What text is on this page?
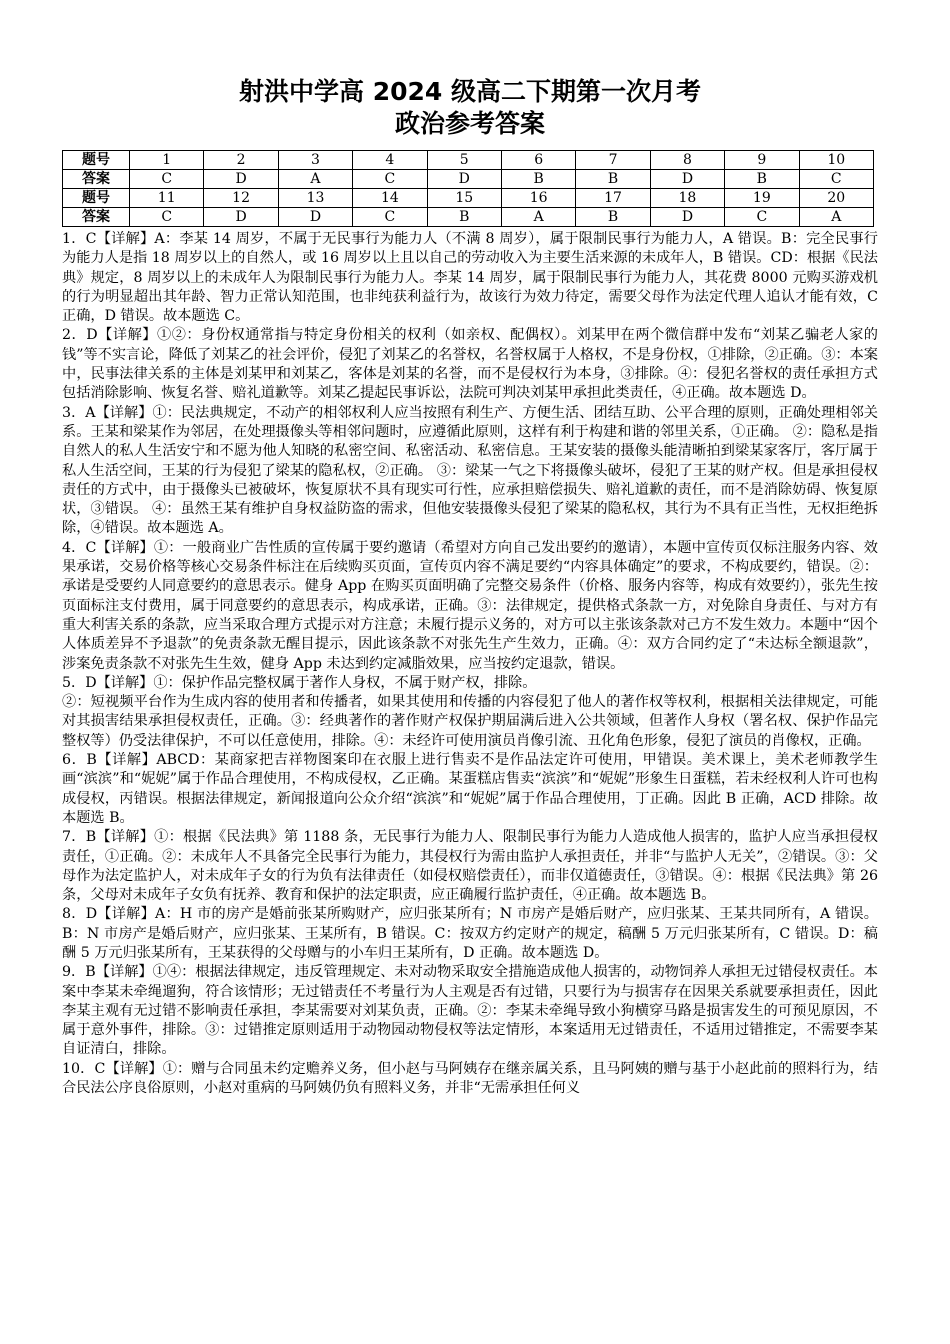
射洪中学高 2024 级高二下期第一次月考
政治参考答案
题号	1	2	3	4	5	6	7	8	9	10
答案	C	D	A	C	D	B	B	D	B	C
题号	11	12	13	14	15	16	17	18	19	20
答案	C	D	D	C	B	A	B	D	C	A

1．C【详解】A：李某 14 周岁，不属于无民事行为能力人（不满 8 周岁），属于限制民事行为能力人，A 错误。B：完全民事行为能力人是指 18 周岁以上的自然人，或 16 周岁以上且以自己的劳动收入为主要生活来源的未成年人，B 错误。CD：根据《民法典》规定，8 周岁以上的未成年人为限制民事行为能力人。李某 14 周岁，属于限制民事行为能力人，其花费 8000 元购买游戏机的行为明显超出其年龄、智力正常认知范围，也非纯获利益行为，故该行为效力待定，需要父母作为法定代理人追认才能有效，C 正确，D 错误。故本题选 C。

2．D【详解】①②：身份权通常指与特定身份相关的权利（如亲权、配偶权）。刘某甲在两个微信群中发布“刘某乙骗老人家的钱”等不实言论，降低了刘某乙的社会评价，侵犯了刘某乙的名誉权，名誉权属于人格权，不是身份权，①排除，②正确。③：本案中，民事法律关系的主体是刘某甲和刘某乙，客体是刘某的名誉，而不是侵权行为本身，③排除。④：侵犯名誉权的责任承担方式包括消除影响、恢复名誉、赔礼道歉等。刘某乙提起民事诉讼，法院可判决刘某甲承担此类责任，④正确。故本题选 D。

3．A【详解】①：民法典规定，不动产的相邻权利人应当按照有利生产、方便生活、团结互助、公平合理的原则，正确处理相邻关系。王某和梁某作为邻居，在处理摄像头等相邻问题时，应遵循此原则，这样有利于构建和谐的邻里关系，①正确。 ②：隐私是指自然人的私人生活安宁和不愿为他人知晓的私密空间、私密活动、私密信息。王某安装的摄像头能清晰拍到梁某家客厅，客厅属于私人生活空间，王某的行为侵犯了梁某的隐私权，②正确。 ③：梁某一气之下将摄像头破坏，侵犯了王某的财产权。但是承担侵权责任的方式中，由于摄像头已被破坏，恢复原状不具有现实可行性，应承担赔偿损失、赔礼道歉的责任，而不是消除妨碍、恢复原状，③错误。 ④：虽然王某有维护自身权益防盗的需求，但他安装摄像头侵犯了梁某的隐私权，其行为不具有正当性，无权拒绝拆除，④错误。故本题选 A。

4．C【详解】①：一般商业广告性质的宣传属于要约邀请（希望对方向自己发出要约的邀请），本题中宣传页仅标注服务内容、效果承诺，交易价格等核心交易条件标注在后续购买页面，宣传页内容不满足要约“内容具体确定”的要求，不构成要约，错误。②：承诺是受要约人同意要约的意思表示。健身 App 在购买页面明确了完整交易条件（价格、服务内容等，构成有效要约），张先生按页面标注支付费用，属于同意要约的意思表示，构成承诺，正确。③：法律规定，提供格式条款一方，对免除自身责任、与对方有重大利害关系的条款，应当采取合理方式提示对方注意；未履行提示义务的，对方可以主张该条款对己方不发生效力。本题中“因个人体质差异不予退款”的免责条款无醒目提示，因此该条款不对张先生产生效力，正确。④：双方合同约定了“未达标全额退款”，涉案免责条款不对张先生生效，健身 App 未达到约定减脂效果，应当按约定退款，错误。

5．D【详解】①：保护作品完整权属于著作人身权，不属于财产权，排除。

②：短视频平台作为生成内容的使用者和传播者，如果其使用和传播的内容侵犯了他人的著作权等权利，根据相关法律规定，可能对其损害结果承担侵权责任，正确。③：经典著作的著作财产权保护期届满后进入公共领域，但著作人身权（署名权、保护作品完整权等）仍受法律保护，不可以任意使用，排除。④：未经许可使用演员肖像引流、丑化角色形象，侵犯了演员的肖像权，正确。

6．B【详解】ABCD：某商家把吉祥物图案印在衣服上进行售卖不是作品法定许可使用，甲错误。美术课上，美术老师教学生画“滨滨”和“妮妮”属于作品合理使用，不构成侵权，乙正确。某蛋糕店售卖“滨滨”和“妮妮”形象生日蛋糕，若未经权利人许可也构成侵权，丙错误。根据法律规定，新闻报道向公众介绍“滨滨”和“妮妮”属于作品合理使用，丁正确。因此 B 正确，ACD 排除。故本题选 B。

7．B【详解】①：根据《民法典》第 1188 条，无民事行为能力人、限制民事行为能力人造成他人损害的，监护人应当承担侵权责任，①正确。②：未成年人不具备完全民事行为能力，其侵权行为需由监护人承担责任，并非“与监护人无关”，②错误。③：父母作为法定监护人，对未成年子女的行为负有法律责任（如侵权赔偿责任），而非仅道德责任，③错误。④：根据《民法典》第 26 条，父母对未成年子女负有抚养、教育和保护的法定职责，应正确履行监护责任，④正确。故本题选 B。

8．D【详解】A：H 市的房产是婚前张某所购财产，应归张某所有；N 市房产是婚后财产，应归张某、王某共同所有，A 错误。B：N 市房产是婚后财产，应归张某、王某所有，B 错误。C：按双方约定财产的规定，稿酬 5 万元归张某所有，C 错误。D：稿酬 5 万元归张某所有，王某获得的父母赠与的小车归王某所有，D 正确。故本题选 D。

9．B【详解】①④：根据法律规定，违反管理规定、未对动物采取安全措施造成他人损害的，动物饲养人承担无过错侵权责任。本案中李某未牵绳遛狗，符合该情形；无过错责任不考量行为人主观是否有过错，只要行为与损害存在因果关系就要承担责任，因此李某主观有无过错不影响责任承担，李某需要对刘某负责，正确。②：李某未牵绳导致小狗横穿马路是损害发生的可预见原因，不属于意外事件，排除。③：过错推定原则适用于动物园动物侵权等法定情形，本案适用无过错责任，不适用过错推定，不需要李某自证清白，排除。

10．C【详解】①：赠与合同虽未约定赡养义务，但小赵与马阿姨存在继亲属关系，且马阿姨的赠与基于小赵此前的照料行为，结合民法公序良俗原则，小赵对重病的马阿姨仍负有照料义务，并非“无需承担任何义
